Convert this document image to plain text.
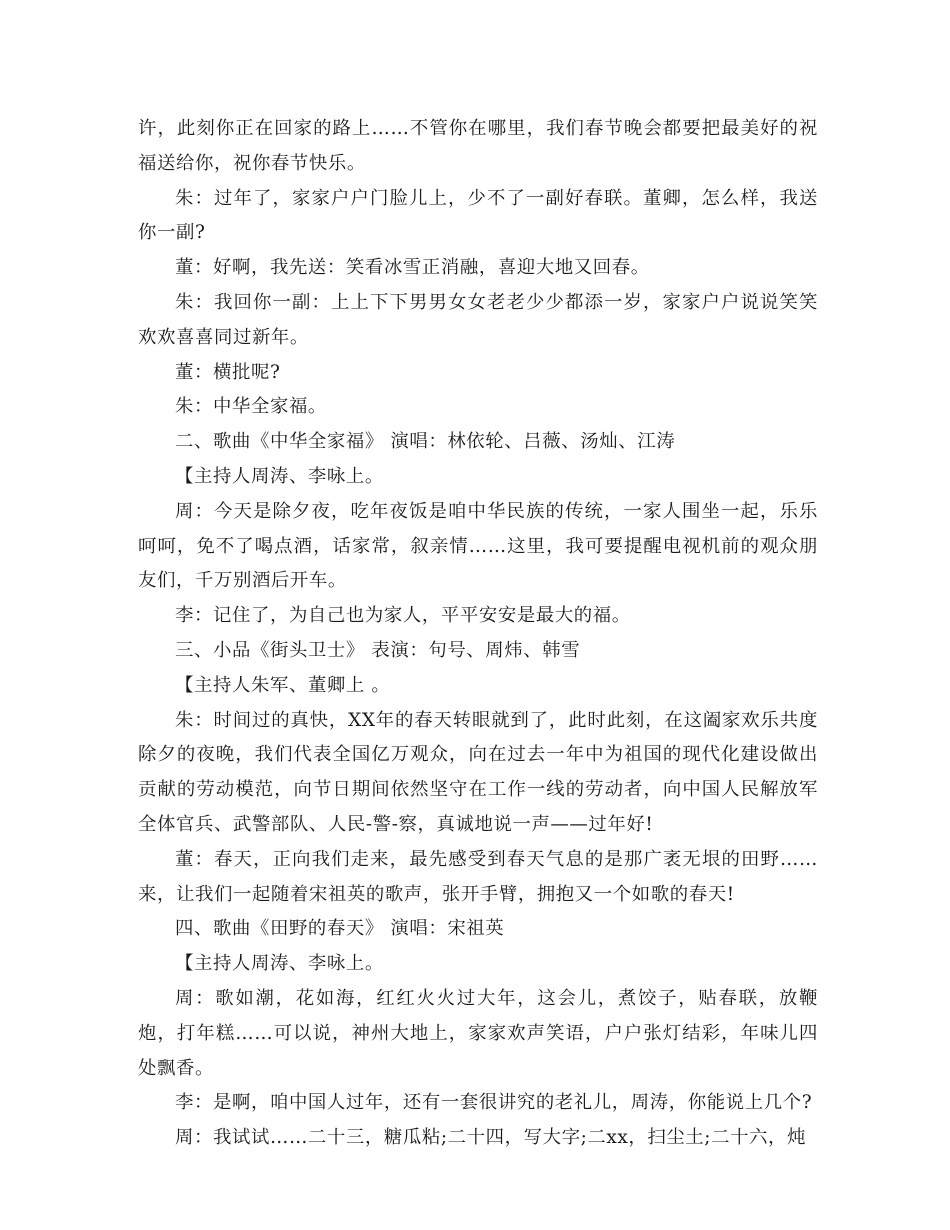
许，此刻你正在回家的路上……不管你在哪里，我们春节晚会都要把最美好的祝福送给你，祝你春节快乐。

朱：过年了，家家户户门脸儿上，少不了一副好春联。董卿，怎么样，我送你一副?

董：好啊，我先送：笑看冰雪正消融，喜迎大地又回春。

朱：我回你一副：上上下下男男女女老老少少都添一岁，家家户户说说笑笑欢欢喜喜同过新年。

董：横批呢?

朱：中华全家福。

二、歌曲《中华全家福》 演唱：林依轮、吕薇、汤灿、江涛

【主持人周涛、李咏上。

周：今天是除夕夜，吃年夜饭是咱中华民族的传统，一家人围坐一起，乐乐呵呵，免不了喝点酒，话家常，叙亲情……这里，我可要提醒电视机前的观众朋友们，千万别酒后开车。

李：记住了，为自己也为家人，平平安安是最大的福。

三、小品《街头卫士》 表演：句号、周炜、韩雪

【主持人朱军、董卿上 。

朱：时间过的真快，XX年的春天转眼就到了，此时此刻，在这阖家欢乐共度除夕的夜晚，我们代表全国亿万观众，向在过去一年中为祖国的现代化建设做出贡献的劳动模范，向节日期间依然坚守在工作一线的劳动者，向中国人民解放军全体官兵、武警部队、人民-警-察，真诚地说一声——过年好!

董：春天，正向我们走来，最先感受到春天气息的是那广袤无垠的田野……来，让我们一起随着宋祖英的歌声，张开手臂，拥抱又一个如歌的春天!

四、歌曲《田野的春天》 演唱：宋祖英

【主持人周涛、李咏上。

周：歌如潮，花如海，红红火火过大年，这会儿，煮饺子，贴春联，放鞭炮，打年糕……可以说，神州大地上，家家欢声笑语，户户张灯结彩，年味儿四处飘香。

李：是啊，咱中国人过年，还有一套很讲究的老礼儿，周涛，你能说上几个?

周：我试试……二十三，糖瓜粘;二十四，写大字;二xx，扫尘土;二十六，炖
